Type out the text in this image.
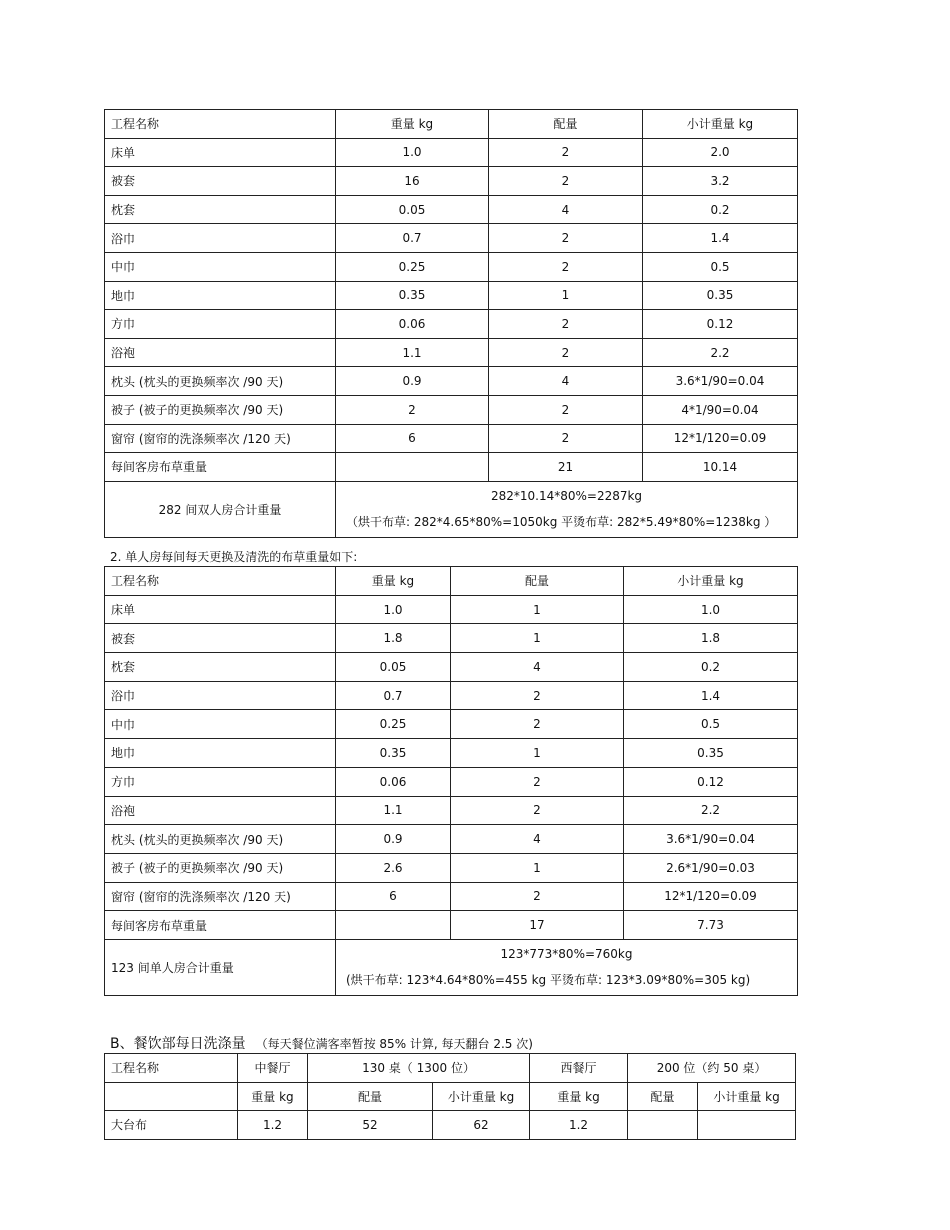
工程名称	重量 kg	配量	小计重量 kg
床单	1.0	2	2.0
被套	16	2	3.2
枕套	0.05	4	0.2
浴巾	0.7	2	1.4
中巾	0.25	2	0.5
地巾	0.35	1	0.35
方巾	0.06	2	0.12
浴袍	1.1	2	2.2
枕头 (枕头的更换频率次 /90 天)	0.9	4	3.6*1/90=0.04
被子 (被子的更换频率次 /90 天)	2	2	4*1/90=0.04
窗帘 (窗帘的洗涤频率次 /120 天)	6	2	12*1/120=0.09
每间客房布草重量		21	10.14
282 间双人房合计重量	282*10.14*80%=2287kg
（烘干布草: 282*4.65*80%=1050kg 平烫布草: 282*5.49*80%=1238kg ）		
2. 单人房每间每天更换及清洗的布草重量如下:
工程名称	重量 kg	配量	小计重量 kg
床单	1.0	1	1.0
被套	1.8	1	1.8
枕套	0.05	4	0.2
浴巾	0.7	2	1.4
中巾	0.25	2	0.5
地巾	0.35	1	0.35
方巾	0.06	2	0.12
浴袍	1.1	2	2.2
枕头 (枕头的更换频率次 /90 天)	0.9	4	3.6*1/90=0.04
被子 (被子的更换频率次 /90 天)	2.6	1	2.6*1/90=0.03
窗帘 (窗帘的洗涤频率次 /120 天)	6	2	12*1/120=0.09
每间客房布草重量		17	7.73
123 间单人房合计重量	123*773*80%=760kg
(烘干布草: 123*4.64*80%=455 kg 平烫布草: 123*3.09*80%=305 kg)		
B、餐饮部每日洗涤量 （每天餐位满客率暂按 85% 计算, 每天翻台 2.5 次)
工程名称	中餐厅	130 桌（ 1300 位）		西餐厅	200 位（约 50 桌）	
	重量 kg	配量	小计重量 kg	重量 kg	配量	小计重量 kg
大台布	1.2	52	62	1.2		
